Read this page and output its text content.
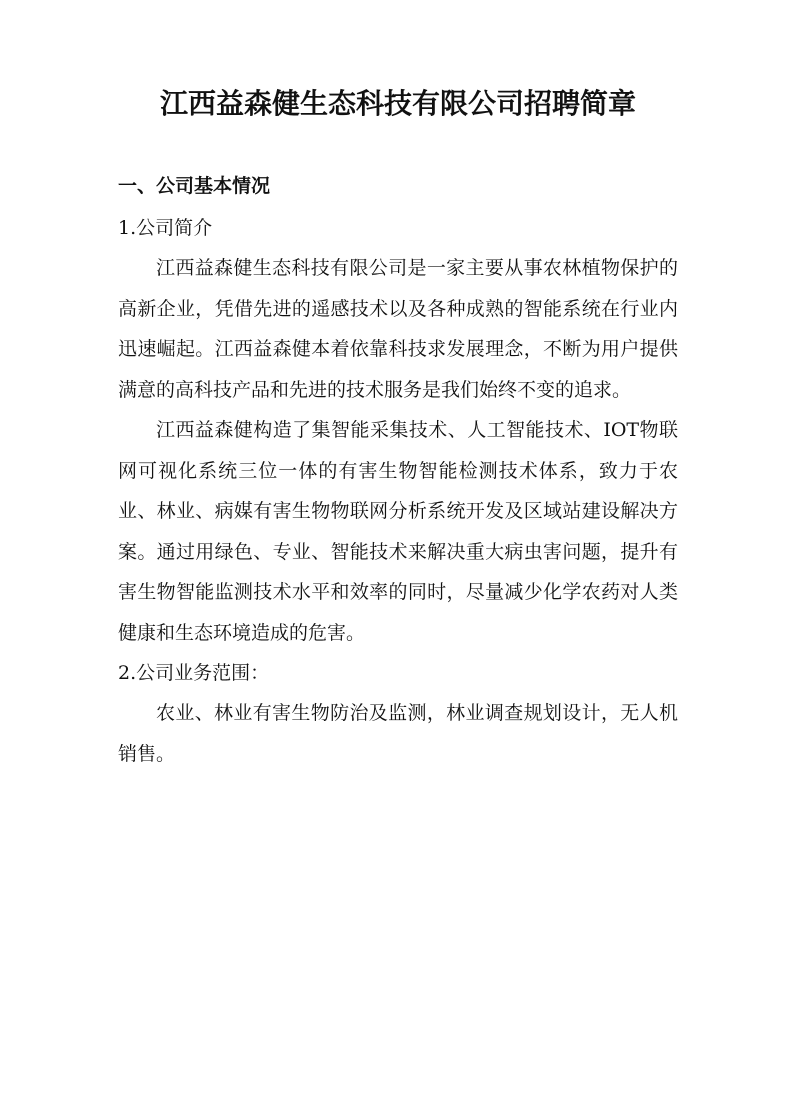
江西益森健生态科技有限公司招聘简章
一、公司基本情况

1.公司简介

江西益森健生态科技有限公司是一家主要从事农林植物保护的高新企业，凭借先进的遥感技术以及各种成熟的智能系统在行业内迅速崛起。江西益森健本着依靠科技求发展理念，不断为用户提供满意的高科技产品和先进的技术服务是我们始终不变的追求。

江西益森健构造了集智能采集技术、人工智能技术、IOT物联网可视化系统三位一体的有害生物智能检测技术体系，致力于农业、林业、病媒有害生物物联网分析系统开发及区域站建设解决方案。通过用绿色、专业、智能技术来解决重大病虫害问题，提升有害生物智能监测技术水平和效率的同时，尽量减少化学农药对人类健康和生态环境造成的危害。

2.公司业务范围：

农业、林业有害生物防治及监测，林业调查规划设计，无人机销售。
